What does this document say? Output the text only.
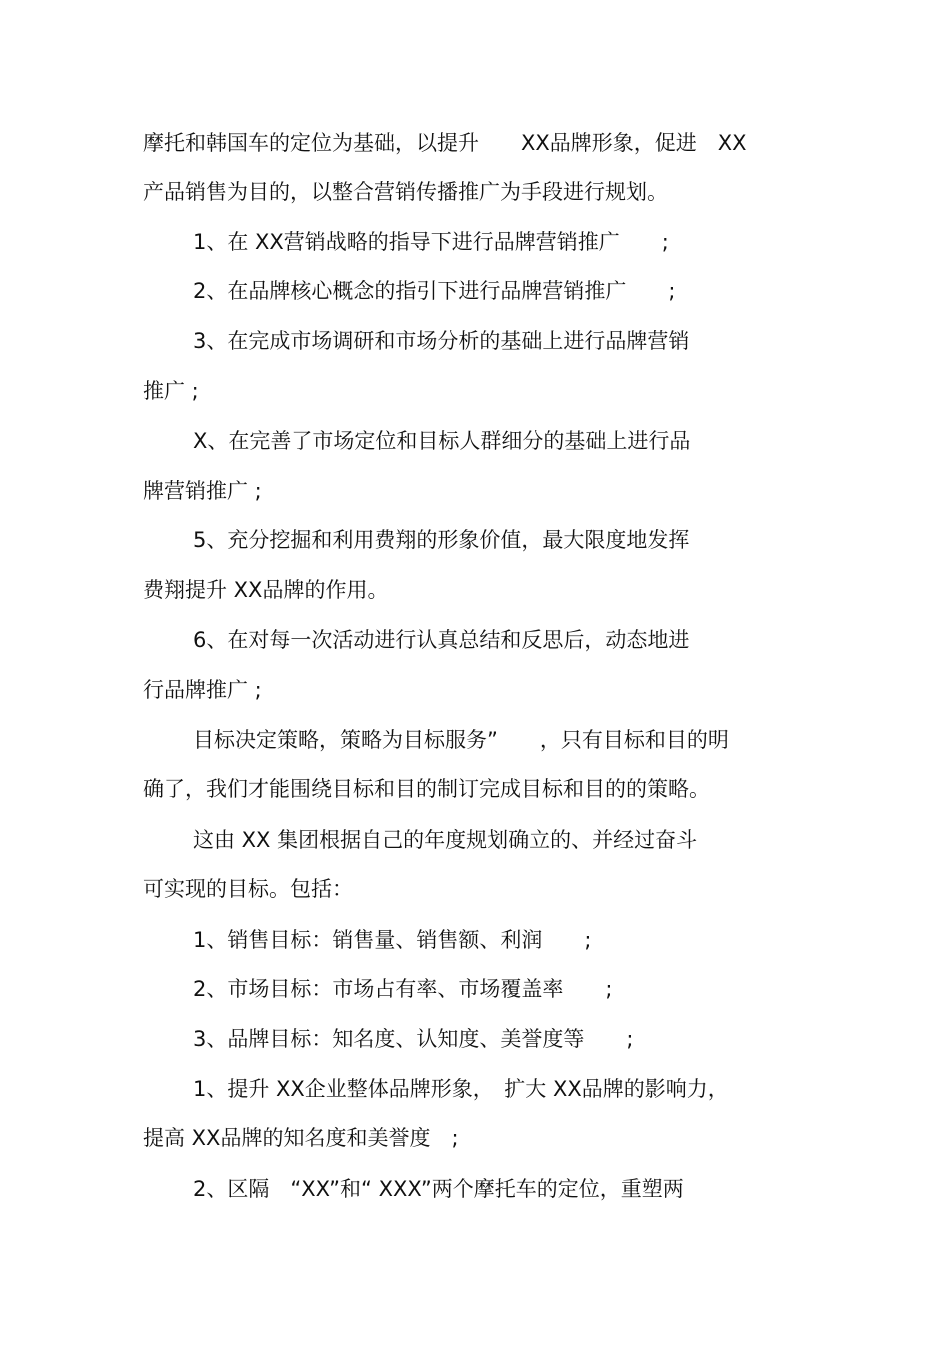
摩托和韩国车的定位为基础，以提升　　XX品牌形象，促进　XX
产品销售为目的，以整合营销传播推广为手段进行规划。
1、在 XX营销战略的指导下进行品牌营销推广　　;
2、在品牌核心概念的指引下进行品牌营销推广　　;
3、在完成市场调研和市场分析的基础上进行品牌营销
推广 ;
X、在完善了市场定位和目标人群细分的基础上进行品
牌营销推广 ;
5、充分挖掘和利用费翔的形象价值，最大限度地发挥
费翔提升 XX品牌的作用。
6、在对每一次活动进行认真总结和反思后，动态地进
行品牌推广 ;
目标决定策略，策略为目标服务”　　，只有目标和目的明
确了，我们才能围绕目标和目的制订完成目标和目的的策略。
这由 XX 集团根据自己的年度规划确立的、并经过奋斗
可实现的目标。包括：
1、销售目标：销售量、销售额、利润　　;
2、市场目标：市场占有率、市场覆盖率　　;
3、品牌目标：知名度、认知度、美誉度等　　;
1、提升 XX企业整体品牌形象，　扩大 XX品牌的影响力，
提高 XX品牌的知名度和美誉度　;
2、区隔　“XX”和“ XXX”两个摩托车的定位，重塑两
